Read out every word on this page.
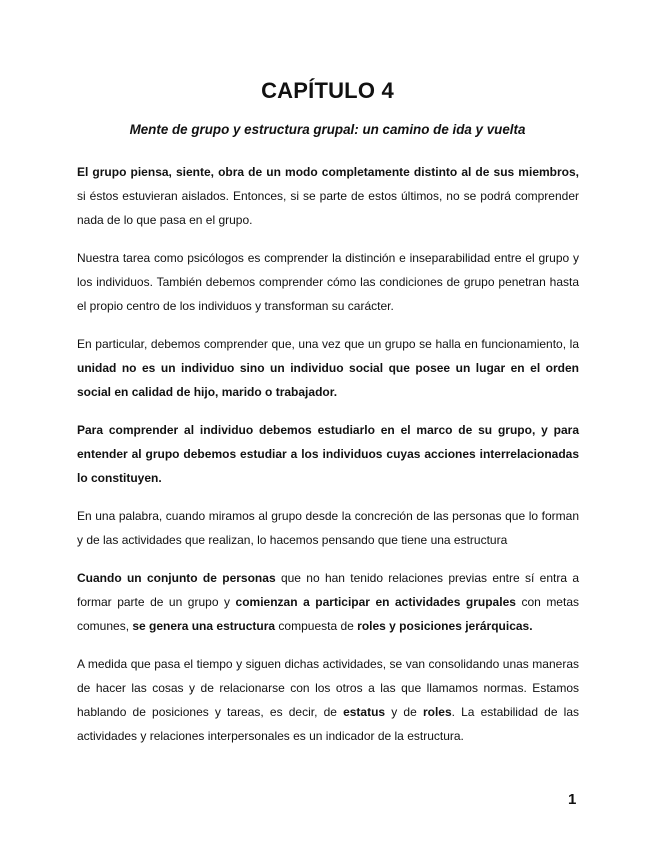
CAPÍTULO 4
Mente de grupo y estructura grupal: un camino de ida y vuelta

El grupo piensa, siente, obra de un modo completamente distinto al de sus miembros, si éstos estuvieran aislados. Entonces, si se parte de estos últimos, no se podrá comprender nada de lo que pasa en el grupo.

Nuestra tarea como psicólogos es comprender la distinción e inseparabilidad entre el grupo y los individuos. También debemos comprender cómo las condiciones de grupo penetran hasta el propio centro de los individuos y transforman su carácter.

En particular, debemos comprender que, una vez que un grupo se halla en funcionamiento, la unidad no es un individuo sino un individuo social que posee un lugar en el orden social en calidad de hijo, marido o trabajador.

Para comprender al individuo debemos estudiarlo en el marco de su grupo, y para entender al grupo debemos estudiar a los individuos cuyas acciones interrelacionadas lo constituyen.

En una palabra, cuando miramos al grupo desde la concreción de las personas que lo forman y de las actividades que realizan, lo hacemos pensando que tiene una estructura

Cuando un conjunto de personas que no han tenido relaciones previas entre sí entra a formar parte de un grupo y comienzan a participar en actividades grupales con metas comunes, se genera una estructura compuesta de roles y posiciones jerárquicas.

A medida que pasa el tiempo y siguen dichas actividades, se van consolidando unas maneras de hacer las cosas y de relacionarse con los otros a las que llamamos normas. Estamos hablando de posiciones y tareas, es decir, de estatus y de roles. La estabilidad de las actividades y relaciones interpersonales es un indicador de la estructura.

1
